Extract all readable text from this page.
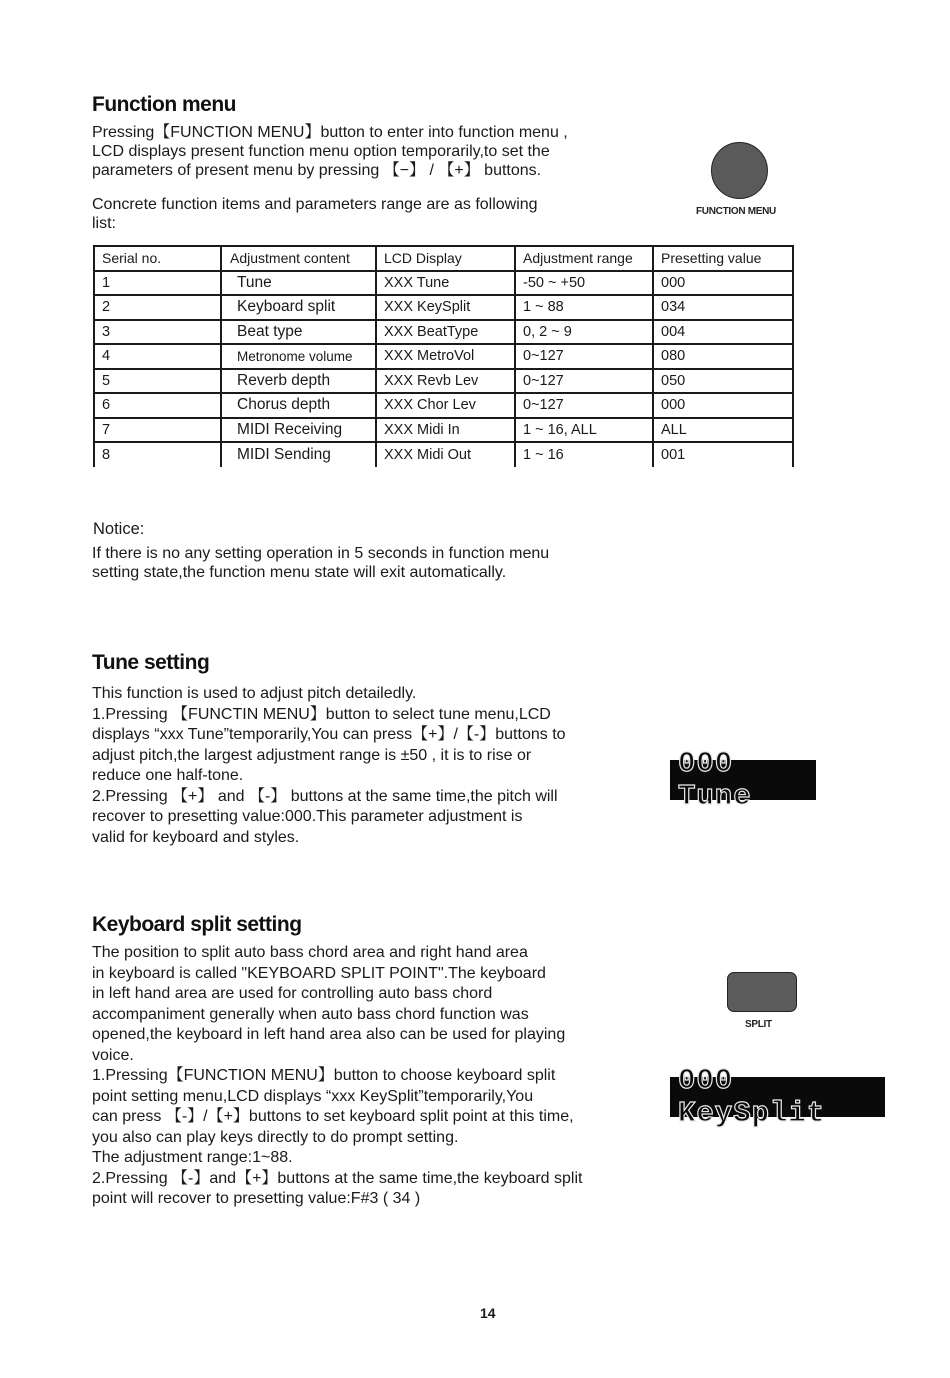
Function menu
Pressing【FUNCTION MENU】button to enter into function menu ,
LCD displays present function menu option temporarily,to set the
parameters of present menu by pressing 【−】 / 【+】 buttons.
Concrete function items and parameters range are as following
list:
FUNCTION MENU
Serial no.	Adjustment content	LCD Display	Adjustment range	Presetting value
1	Tune	XXX Tune	-50 ~ +50	000
2	Keyboard split	XXX KeySplit	1 ~ 88	034
3	Beat type	XXX BeatType	0, 2 ~ 9	004
4	Metronome volume	XXX MetroVol	0~127	080
5	Reverb depth	XXX Revb Lev	0~127	050
6	Chorus depth	XXX Chor Lev	0~127	000
7	MIDI Receiving	XXX Midi In	1 ~ 16, ALL	ALL
8	MIDI Sending	XXX Midi Out	1 ~ 16	001
Notice:
If there is no any setting operation in 5 seconds in function menu
setting state,the function menu state will exit automatically.
Tune setting
This function is used to adjust pitch detailedly.
1.Pressing 【FUNCTIN MENU】button to select tune menu,LCD
displays “xxx Tune”temporarily,You can press【+】/【-】buttons to
adjust pitch,the largest adjustment range is ±50 , it is to rise or
reduce one half-tone.
2.Pressing 【+】 and 【-】 buttons at the same time,the pitch will
recover to presetting value:000.This parameter adjustment is
valid for keyboard and styles.
000 Tune
Keyboard split setting
The position to split auto bass chord area and right hand area
in keyboard is called "KEYBOARD SPLIT POINT".The keyboard
in left hand area are used for controlling auto bass chord
accompaniment generally when auto bass chord function was
opened,the keyboard in left hand area also can be used for playing
voice.
1.Pressing【FUNCTION MENU】button to choose keyboard split
point setting menu,LCD displays “xxx KeySplit”temporarily,You
can press 【-】/【+】buttons to set keyboard split point at this time,
you also can play keys directly to do prompt setting.
The adjustment range:1~88.
2.Pressing 【-】and【+】buttons at the same time,the keyboard split
point will recover to presetting value:F#3 ( 34 )
SPLIT
000 KeySplit
14
